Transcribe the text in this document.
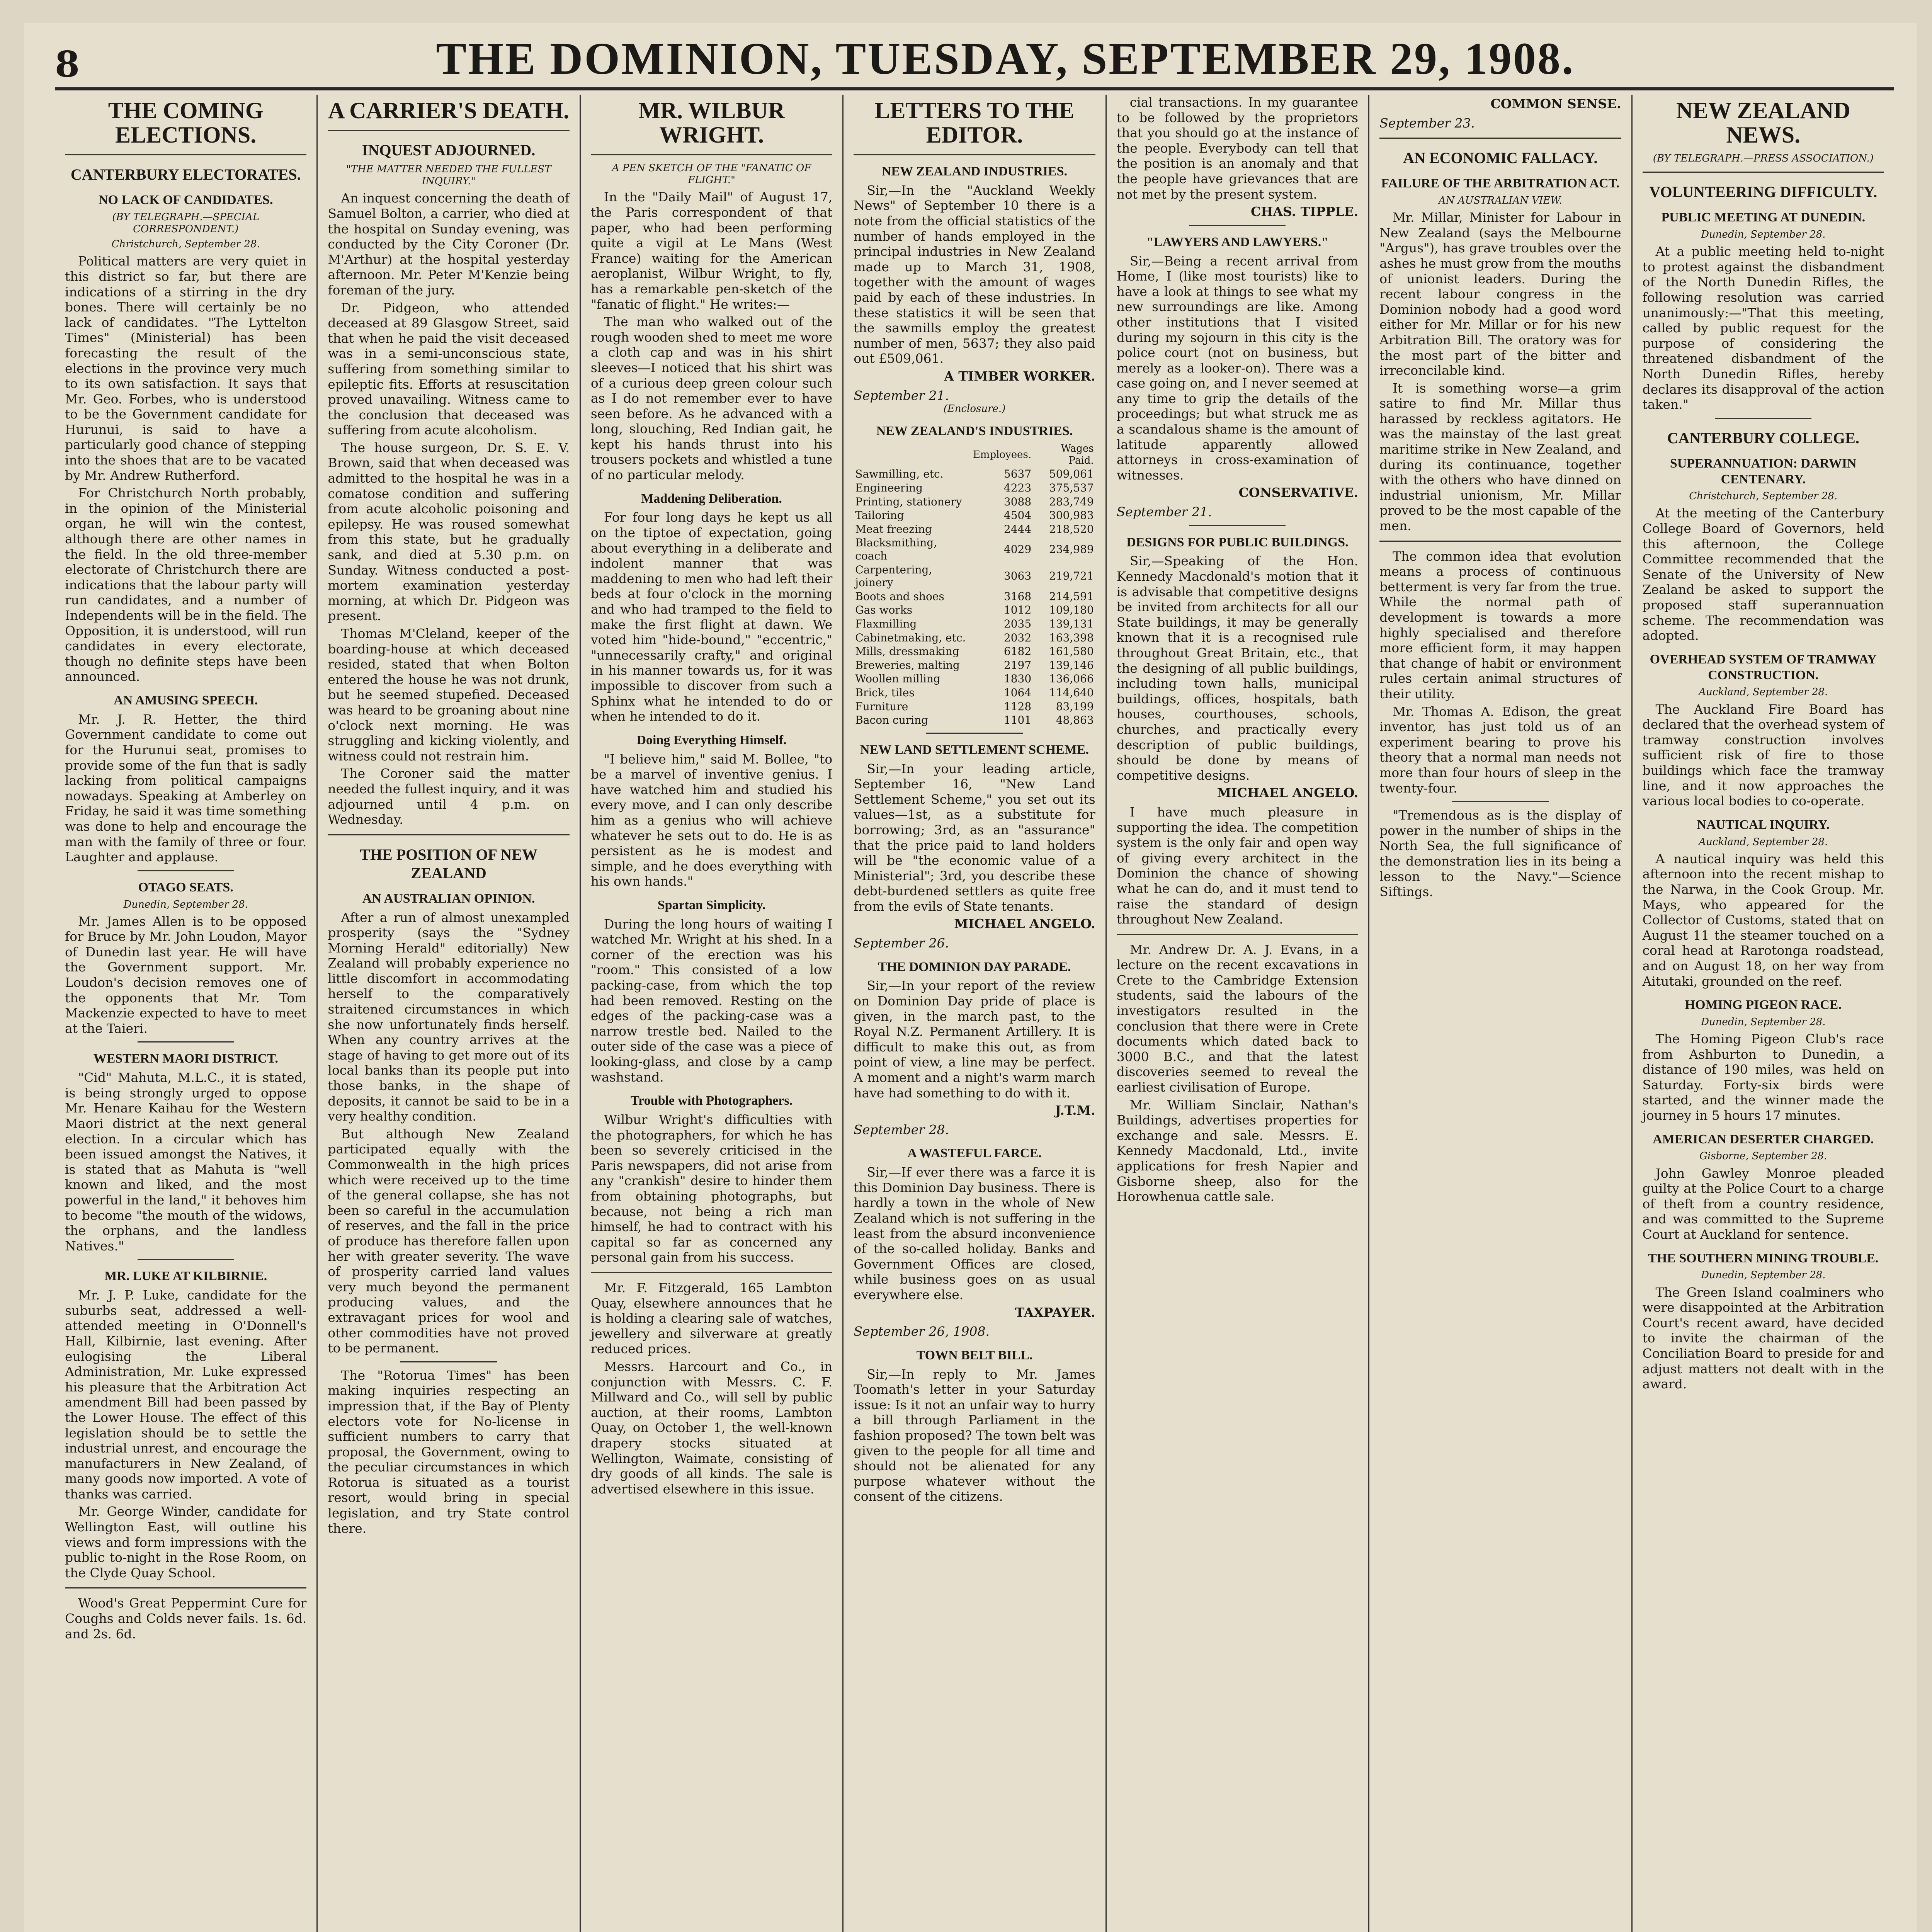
8	THE DOMINION, TUESDAY, SEPTEMBER 29, 1908.
THE COMING ELECTIONS.
CANTERBURY ELECTORATES.
NO LACK OF CANDIDATES.
(BY TELEGRAPH.—SPECIAL CORRESPONDENT.)
Christchurch, September 28.

Political matters are very quiet in this district so far, but there are indications of a stirring in the dry bones. There will certainly be no lack of candidates. "The Lyttelton Times" (Ministerial) has been forecasting the result of the elections in the province very much to its own satisfaction. It says that Mr. Geo. Forbes, who is understood to be the Government candidate for Hurunui, is said to have a particularly good chance of stepping into the shoes that are to be vacated by Mr. Andrew Rutherford.

For Christchurch North probably, in the opinion of the Ministerial organ, he will win the contest, although there are other names in the field. In the old three-member electorate of Christchurch there are indications that the labour party will run candidates, and a number of Independents will be in the field. The Opposition, it is understood, will run candidates in every electorate, though no definite steps have been announced.

AN AMUSING SPEECH.

Mr. J. R. Hetter, the third Government candidate to come out for the Hurunui seat, promises to provide some of the fun that is sadly lacking from political campaigns nowadays. Speaking at Amberley on Friday, he said it was time something was done to help and encourage the man with the family of three or four. Laughter and applause.

OTAGO SEATS.
Dunedin, September 28.

Mr. James Allen is to be opposed for Bruce by Mr. John Loudon, Mayor of Dunedin last year. He will have the Government support. Mr. Loudon's decision removes one of the opponents that Mr. Tom Mackenzie expected to have to meet at the Taieri.

WESTERN MAORI DISTRICT.

"Cid" Mahuta, M.L.C., it is stated, is being strongly urged to oppose Mr. Henare Kaihau for the Western Maori district at the next general election. In a circular which has been issued amongst the Natives, it is stated that as Mahuta is "well known and liked, and the most powerful in the land," it behoves him to become "the mouth of the widows, the orphans, and the landless Natives."

MR. LUKE AT KILBIRNIE.

Mr. J. P. Luke, candidate for the suburbs seat, addressed a well-attended meeting in O'Donnell's Hall, Kilbirnie, last evening. After eulogising the Liberal Administration, Mr. Luke expressed his pleasure that the Arbitration Act amendment Bill had been passed by the Lower House. The effect of this legislation should be to settle the industrial unrest, and encourage the manufacturers in New Zealand, of many goods now imported. A vote of thanks was carried.

Mr. George Winder, candidate for Wellington East, will outline his views and form impressions with the public to-night in the Rose Room, on the Clyde Quay School.

Wood's Great Peppermint Cure for Coughs and Colds never fails. 1s. 6d. and 2s. 6d.

A CARRIER'S DEATH.
INQUEST ADJOURNED.
"THE MATTER NEEDED THE FULLEST INQUIRY."

An inquest concerning the death of Samuel Bolton, a carrier, who died at the hospital on Sunday evening, was conducted by the City Coroner (Dr. M'Arthur) at the hospital yesterday afternoon. Mr. Peter M'Kenzie being foreman of the jury.

Dr. Pidgeon, who attended deceased at 89 Glasgow Street, said that when he paid the visit deceased was in a semi-unconscious state, suffering from something similar to epileptic fits. Efforts at resuscitation proved unavailing. Witness came to the conclusion that deceased was suffering from acute alcoholism.

The house surgeon, Dr. S. E. V. Brown, said that when deceased was admitted to the hospital he was in a comatose condition and suffering from acute alcoholic poisoning and epilepsy. He was roused somewhat from this state, but he gradually sank, and died at 5.30 p.m. on Sunday. Witness conducted a post-mortem examination yesterday morning, at which Dr. Pidgeon was present.

Thomas M'Cleland, keeper of the boarding-house at which deceased resided, stated that when Bolton entered the house he was not drunk, but he seemed stupefied. Deceased was heard to be groaning about nine o'clock next morning. He was struggling and kicking violently, and witness could not restrain him.

The Coroner said the matter needed the fullest inquiry, and it was adjourned until 4 p.m. on Wednesday.

THE POSITION OF NEW ZEALAND
AN AUSTRALIAN OPINION.

After a run of almost unexampled prosperity (says the "Sydney Morning Herald" editorially) New Zealand will probably experience no little discomfort in accommodating herself to the comparatively straitened circumstances in which she now unfortunately finds herself. When any country arrives at the stage of having to get more out of its local banks than its people put into those banks, in the shape of deposits, it cannot be said to be in a very healthy condition.

But although New Zealand participated equally with the Commonwealth in the high prices which were received up to the time of the general collapse, she has not been so careful in the accumulation of reserves, and the fall in the price of produce has therefore fallen upon her with greater severity. The wave of prosperity carried land values very much beyond the permanent producing values, and the extravagant prices for wool and other commodities have not proved to be permanent.

The "Rotorua Times" has been making inquiries respecting an impression that, if the Bay of Plenty electors vote for No-license in sufficient numbers to carry that proposal, the Government, owing to the peculiar circumstances in which Rotorua is situated as a tourist resort, would bring in special legislation, and try State control there.

MR. WILBUR WRIGHT.
A PEN SKETCH OF THE "FANATIC OF FLIGHT."

In the "Daily Mail" of August 17, the Paris correspondent of that paper, who had been performing quite a vigil at Le Mans (West France) waiting for the American aeroplanist, Wilbur Wright, to fly, has a remarkable pen-sketch of the "fanatic of flight." He writes:—

The man who walked out of the rough wooden shed to meet me wore a cloth cap and was in his shirt sleeves—I noticed that his shirt was of a curious deep green colour such as I do not remember ever to have seen before. As he advanced with a long, slouching, Red Indian gait, he kept his hands thrust into his trousers pockets and whistled a tune of no particular melody.

Maddening Deliberation.

For four long days he kept us all on the tiptoe of expectation, going about everything in a deliberate and indolent manner that was maddening to men who had left their beds at four o'clock in the morning and who had tramped to the field to make the first flight at dawn. We voted him "hide-bound," "eccentric," "unnecessarily crafty," and original in his manner towards us, for it was impossible to discover from such a Sphinx what he intended to do or when he intended to do it.

Doing Everything Himself.

"I believe him," said M. Bollee, "to be a marvel of inventive genius. I have watched him and studied his every move, and I can only describe him as a genius who will achieve whatever he sets out to do. He is as persistent as he is modest and simple, and he does everything with his own hands."

Spartan Simplicity.

During the long hours of waiting I watched Mr. Wright at his shed. In a corner of the erection was his "room." This consisted of a low packing-case, from which the top had been removed. Resting on the edges of the packing-case was a narrow trestle bed. Nailed to the outer side of the case was a piece of looking-glass, and close by a camp washstand.

Trouble with Photographers.

Wilbur Wright's difficulties with the photographers, for which he has been so severely criticised in the Paris newspapers, did not arise from any "crankish" desire to hinder them from obtaining photographs, but because, not being a rich man himself, he had to contract with his capital so far as concerned any personal gain from his success.

Mr. F. Fitzgerald, 165 Lambton Quay, elsewhere announces that he is holding a clearing sale of watches, jewellery and silverware at greatly reduced prices.

Messrs. Harcourt and Co., in conjunction with Messrs. C. F. Millward and Co., will sell by public auction, at their rooms, Lambton Quay, on October 1, the well-known drapery stocks situated at Wellington, Waimate, consisting of dry goods of all kinds. The sale is advertised elsewhere in this issue.

LETTERS TO THE EDITOR.
NEW ZEALAND INDUSTRIES.

Sir,—In the "Auckland Weekly News" of September 10 there is a note from the official statistics of the number of hands employed in the principal industries in New Zealand made up to March 31, 1908, together with the amount of wages paid by each of these industries. In these statistics it will be seen that the sawmills employ the greatest number of men, 5637; they also paid out £509,061.

A TIMBER WORKER.
September 21.
(Enclosure.)
NEW ZEALAND'S INDUSTRIES.
	Employees.	Wages Paid.
Sawmilling, etc.	5637	509,061
Engineering	4223	375,537
Printing, stationery	3088	283,749
Tailoring	4504	300,983
Meat freezing	2444	218,520
Blacksmithing, coach	4029	234,989
Carpentering, joinery	3063	219,721
Boots and shoes	3168	214,591
Gas works	1012	109,180
Flaxmilling	2035	139,131
Cabinetmaking, etc.	2032	163,398
Mills, dressmaking	6182	161,580
Breweries, malting	2197	139,146
Woollen milling	1830	136,066
Brick, tiles	1064	114,640
Furniture	1128	83,199
Bacon curing	1101	48,863
NEW LAND SETTLEMENT SCHEME.

Sir,—In your leading article, September 16, "New Land Settlement Scheme," you set out its values—1st, as a substitute for borrowing; 3rd, as an "assurance" that the price paid to land holders will be "the economic value of a Ministerial"; 3rd, you describe these debt-burdened settlers as quite free from the evils of State tenants.

MICHAEL ANGELO.
September 26.
THE DOMINION DAY PARADE.

Sir,—In your report of the review on Dominion Day pride of place is given, in the march past, to the Royal N.Z. Permanent Artillery. It is difficult to make this out, as from point of view, a line may be perfect. A moment and a night's warm march have had something to do with it.

J.T.M.
September 28.
A WASTEFUL FARCE.

Sir,—If ever there was a farce it is this Dominion Day business. There is hardly a town in the whole of New Zealand which is not suffering in the least from the absurd inconvenience of the so-called holiday. Banks and Government Offices are closed, while business goes on as usual everywhere else.

TAXPAYER.
September 26, 1908.
TOWN BELT BILL.

Sir,—In reply to Mr. James Toomath's letter in your Saturday issue: Is it not an unfair way to hurry a bill through Parliament in the fashion proposed? The town belt was given to the people for all time and should not be alienated for any purpose whatever without the consent of the citizens.

cial transactions. In my guarantee to be followed by the proprietors that you should go at the instance of the people. Everybody can tell that the position is an anomaly and that the people have grievances that are not met by the present system.

CHAS. TIPPLE.
"LAWYERS AND LAWYERS."

Sir,—Being a recent arrival from Home, I (like most tourists) like to have a look at things to see what my new surroundings are like. Among other institutions that I visited during my sojourn in this city is the police court (not on business, but merely as a looker-on). There was a case going on, and I never seemed at any time to grip the details of the proceedings; but what struck me as a scandalous shame is the amount of latitude apparently allowed attorneys in cross-examination of witnesses.

CONSERVATIVE.
September 21.
DESIGNS FOR PUBLIC BUILDINGS.

Sir,—Speaking of the Hon. Kennedy Macdonald's motion that it is advisable that competitive designs be invited from architects for all our State buildings, it may be generally known that it is a recognised rule throughout Great Britain, etc., that the designing of all public buildings, including town halls, municipal buildings, offices, hospitals, bath houses, courthouses, schools, churches, and practically every description of public buildings, should be done by means of competitive designs.

MICHAEL ANGELO.

I have much pleasure in supporting the idea. The competition system is the only fair and open way of giving every architect in the Dominion the chance of showing what he can do, and it must tend to raise the standard of design throughout New Zealand.

Mr. Andrew Dr. A. J. Evans, in a lecture on the recent excavations in Crete to the Cambridge Extension students, said the labours of the investigators resulted in the conclusion that there were in Crete documents which dated back to 3000 B.C., and that the latest discoveries seemed to reveal the earliest civilisation of Europe.

Mr. William Sinclair, Nathan's Buildings, advertises properties for exchange and sale. Messrs. E. Kennedy Macdonald, Ltd., invite applications for fresh Napier and Gisborne sheep, also for the Horowhenua cattle sale.

COMMON SENSE.
September 23.
AN ECONOMIC FALLACY.
FAILURE OF THE ARBITRATION ACT.
AN AUSTRALIAN VIEW.

Mr. Millar, Minister for Labour in New Zealand (says the Melbourne "Argus"), has grave troubles over the ashes he must grow from the mouths of unionist leaders. During the recent labour congress in the Dominion nobody had a good word either for Mr. Millar or for his new Arbitration Bill. The oratory was for the most part of the bitter and irreconcilable kind.

It is something worse—a grim satire to find Mr. Millar thus harassed by reckless agitators. He was the mainstay of the last great maritime strike in New Zealand, and during its continuance, together with the others who have dinned on industrial unionism, Mr. Millar proved to be the most capable of the men.

The common idea that evolution means a process of continuous betterment is very far from the true. While the normal path of development is towards a more highly specialised and therefore more efficient form, it may happen that change of habit or environment rules certain animal structures of their utility.

Mr. Thomas A. Edison, the great inventor, has just told us of an experiment bearing to prove his theory that a normal man needs not more than four hours of sleep in the twenty-four.

"Tremendous as is the display of power in the number of ships in the North Sea, the full significance of the demonstration lies in its being a lesson to the Navy."—Science Siftings.

NEW ZEALAND NEWS.
(BY TELEGRAPH.—PRESS ASSOCIATION.)
VOLUNTEERING DIFFICULTY.
PUBLIC MEETING AT DUNEDIN.
Dunedin, September 28.

At a public meeting held to-night to protest against the disbandment of the North Dunedin Rifles, the following resolution was carried unanimously:—"That this meeting, called by public request for the purpose of considering the threatened disbandment of the North Dunedin Rifles, hereby declares its disapproval of the action taken."

CANTERBURY COLLEGE.
SUPERANNUATION: DARWIN CENTENARY.
Christchurch, September 28.

At the meeting of the Canterbury College Board of Governors, held this afternoon, the College Committee recommended that the Senate of the University of New Zealand be asked to support the proposed staff superannuation scheme. The recommendation was adopted.

OVERHEAD SYSTEM OF TRAMWAY CONSTRUCTION.
Auckland, September 28.

The Auckland Fire Board has declared that the overhead system of tramway construction involves sufficient risk of fire to those buildings which face the tramway line, and it now approaches the various local bodies to co-operate.

NAUTICAL INQUIRY.
Auckland, September 28.

A nautical inquiry was held this afternoon into the recent mishap to the Narwa, in the Cook Group. Mr. Mays, who appeared for the Collector of Customs, stated that on August 11 the steamer touched on a coral head at Rarotonga roadstead, and on August 18, on her way from Aitutaki, grounded on the reef.

HOMING PIGEON RACE.
Dunedin, September 28.

The Homing Pigeon Club's race from Ashburton to Dunedin, a distance of 190 miles, was held on Saturday. Forty-six birds were started, and the winner made the journey in 5 hours 17 minutes.

AMERICAN DESERTER CHARGED.
Gisborne, September 28.

John Gawley Monroe pleaded guilty at the Police Court to a charge of theft from a country residence, and was committed to the Supreme Court at Auckland for sentence.

THE SOUTHERN MINING TROUBLE.
Dunedin, September 28.

The Green Island coalminers who were disappointed at the Arbitration Court's recent award, have decided to invite the chairman of the Conciliation Board to preside for and adjust matters not dealt with in the award.
